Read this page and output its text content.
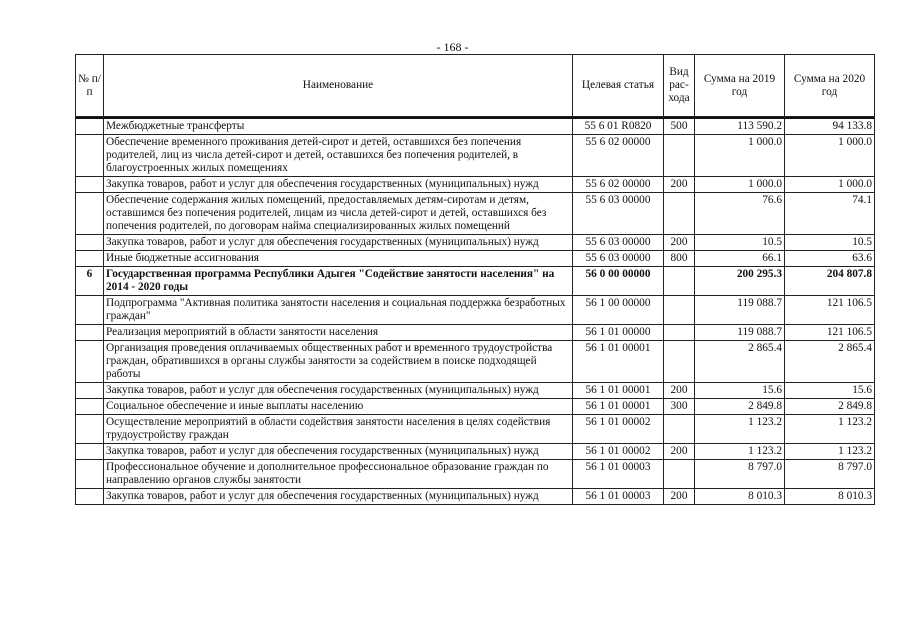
- 168 -
№ п/п	Наименование	Целевая статья	Вид рас-хода	Сумма на 2019 год	Сумма на 2020 год

	Межбюджетные трансферты	55 6 01 R0820	500	113 590.2	94 133.8
	Обеспечение временного проживания детей-сирот и детей, оставшихся без попечения родителей, лиц из числа детей-сирот и детей, оставшихся без попечения родителей, в благоустроенных жилых помещениях	55 6 02 00000		1 000.0	1 000.0
	Закупка товаров, работ и услуг для обеспечения государственных (муниципальных) нужд	55 6 02 00000	200	1 000.0	1 000.0
	Обеспечение содержания жилых помещений, предоставляемых детям-сиротам и детям, оставшимся без попечения родителей, лицам из числа детей-сирот и детей, оставшихся без попечения родителей, по договорам найма специализированных жилых помещений	55 6 03 00000		76.6	74.1
	Закупка товаров, работ и услуг для обеспечения государственных (муниципальных) нужд	55 6 03 00000	200	10.5	10.5
	Иные бюджетные ассигнования	55 6 03 00000	800	66.1	63.6
6	Государственная программа Республики Адыгея "Содействие занятости населения" на 2014 - 2020 годы	56 0 00 00000		200 295.3	204 807.8
	Подпрограмма "Активная политика занятости населения и социальная поддержка безработных граждан"	56 1 00 00000		119 088.7	121 106.5
	Реализация мероприятий в области занятости населения	56 1 01 00000		119 088.7	121 106.5
	Организация проведения оплачиваемых общественных работ и временного трудоустройства граждан, обратившихся в органы службы занятости за содействием в поиске подходящей работы	56 1 01 00001		2 865.4	2 865.4
	Закупка товаров, работ и услуг для обеспечения государственных (муниципальных) нужд	56 1 01 00001	200	15.6	15.6
	Социальное обеспечение и иные выплаты населению	56 1 01 00001	300	2 849.8	2 849.8
	Осуществление мероприятий в области содействия занятости населения в целях содействия трудоустройству граждан	56 1 01 00002		1 123.2	1 123.2
	Закупка товаров, работ и услуг для обеспечения государственных (муниципальных) нужд	56 1 01 00002	200	1 123.2	1 123.2
	Профессиональное обучение и дополнительное профессиональное образование граждан по направлению органов службы занятости	56 1 01 00003		8 797.0	8 797.0
	Закупка товаров, работ и услуг для обеспечения государственных (муниципальных) нужд	56 1 01 00003	200	8 010.3	8 010.3
